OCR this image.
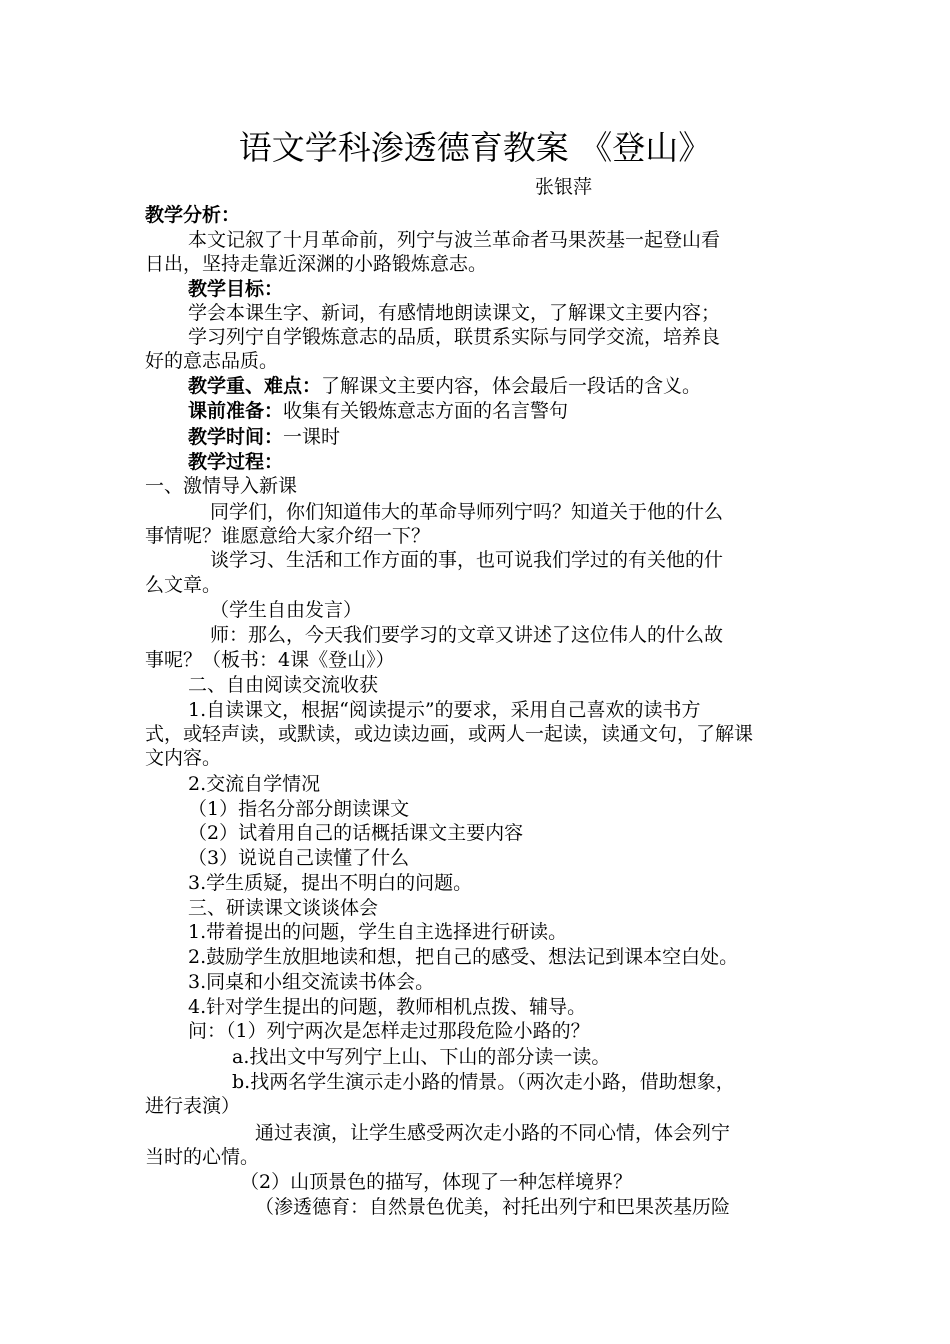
语文学科渗透德育教案 《登山》
张银萍
教学分析：
本文记叙了十月革命前，列宁与波兰革命者马果茨基一起登山看
日出，坚持走靠近深渊的小路锻炼意志。
教学目标：
学会本课生字、新词，有感情地朗读课文，了解课文主要内容；
学习列宁自学锻炼意志的品质，联贯系实际与同学交流，培养良
好的意志品质。
教学重、难点：了解课文主要内容，体会最后一段话的含义。
课前准备：收集有关锻炼意志方面的名言警句
教学时间：一课时
教学过程：
一、激情导入新课
同学们，你们知道伟大的革命导师列宁吗？知道关于他的什么
事情呢？谁愿意给大家介绍一下？
谈学习、生活和工作方面的事，也可说我们学过的有关他的什
么文章。
（学生自由发言）
师：那么，今天我们要学习的文章又讲述了这位伟人的什么故
事呢？（板书：4课《登山》）
二、自由阅读交流收获
1.自读课文，根据“阅读提示”的要求，采用自己喜欢的读书方
式，或轻声读，或默读，或边读边画，或两人一起读，读通文句，了解课
文内容。
2.交流自学情况
（1）指名分部分朗读课文
（2）试着用自己的话概括课文主要内容
（3）说说自己读懂了什么
3.学生质疑，提出不明白的问题。
三、研读课文谈谈体会
1.带着提出的问题，学生自主选择进行研读。
2.鼓励学生放胆地读和想，把自己的感受、想法记到课本空白处。
3.同桌和小组交流读书体会。
4.针对学生提出的问题，教师相机点拨、辅导。
问：（1）列宁两次是怎样走过那段危险小路的？
a.找出文中写列宁上山、下山的部分读一读。
b.找两名学生演示走小路的情景。（两次走小路，借助想象，
进行表演）
通过表演，让学生感受两次走小路的不同心情，体会列宁
当时的心情。
（2）山顶景色的描写，体现了一种怎样境界？
（渗透德育：自然景色优美，衬托出列宁和巴果茨基历险
